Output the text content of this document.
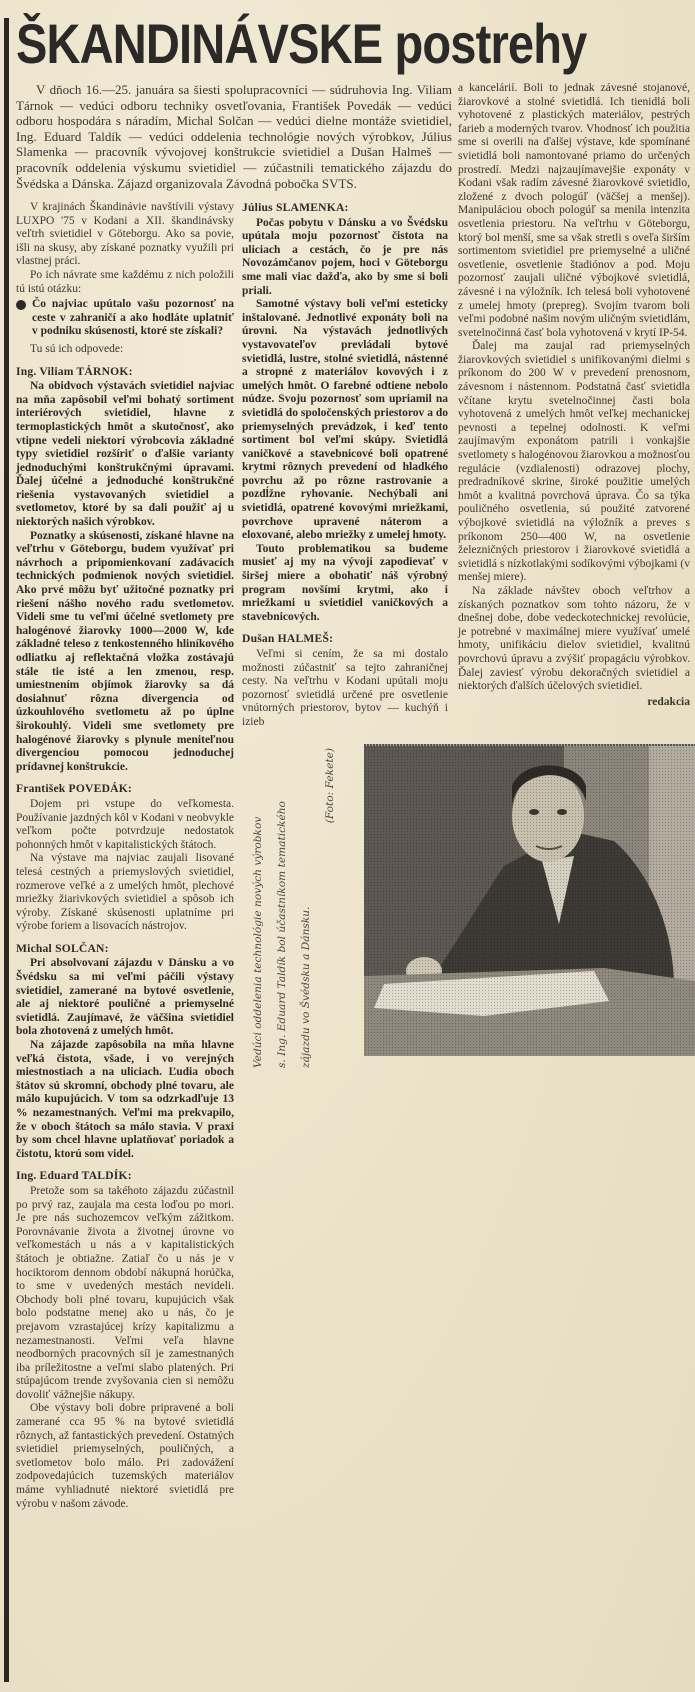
ŠKANDINÁVSKE postrehy

V dňoch 16.—25. januára sa šiesti spolupracovníci — súdruhovia Ing. Viliam Tárnok — vedúci odboru techniky osvetľovania, František Povedák — vedúci odboru hospodára s náradím, Michal Solčan — vedúci dielne montáže svietidiel, Ing. Eduard Taldík — vedúci oddelenia technológie nových výrobkov, Július Slamenka — pracovník vývojovej konštrukcie svietidiel a Dušan Halmeš — pracovník oddelenia výskumu svietidiel — zúčastnili tematického zájazdu do Švédska a Dánska. Zájazd organizovala Závodná pobočka SVTS.

V krajinách Škandinávie navštívili výstavy LUXPO '75 v Kodani a XII. škandinávsky veľtrh svietidiel v Göteborgu. Ako sa povie, išli na skusy, aby získané poznatky využili pri vlastnej práci.

Po ich návrate sme každému z nich položili tú istú otázku:

Čo najviac upútalo vašu pozornosť na ceste v zahraničí a ako hodláte uplatniť v podniku skúsenosti, ktoré ste získali?

Tu sú ich odpovede:

Ing. Viliam TÁRNOK:

Na obidvoch výstavách svietidiel najviac na mňa zapôsobil veľmi bohatý sortiment interiérových svietidiel, hlavne z termoplastických hmôt a skutočnosť, ako vtipne vedeli niektorí výrobcovia základné typy svietidiel rozšíriť o ďalšie varianty jednoduchými konštrukčnými úpravami. Ďalej účelné a jednoduché konštrukčné riešenia vystavovaných svietidiel a svetlometov, ktoré by sa dali použiť aj u niektorých našich výrobkov.

Poznatky a skúsenosti, získané hlavne na veľtrhu v Göteborgu, budem využívať pri návrhoch a pripomienkovaní zadávacích technických podmienok nových svietidiel. Ako prvé môžu byť užitočné poznatky pri riešení nášho nového radu svetlometov. Videli sme tu veľmi účelné svetlomety pre halogénové žiarovky 1000—2000 W, kde základné teleso z tenkostenného hliníkového odliatku aj reflektačná vložka zostávajú stále tie isté a len zmenou, resp. umiestnením objímok žiarovky sa dá dosiahnuť rôzna divergencia od úzkouhlového svetlometu až po úplne širokouhlý. Videli sme svetlomety pre halogénové žiarovky s plynule meniteľnou divergenciou pomocou jednoduchej prídavnej konštrukcie.

František POVEDÁK:

Dojem pri vstupe do veľkomesta. Používanie jazdných kôl v Kodani v neobvykle veľkom počte potvrdzuje nedostatok pohonných hmôt v kapitalistických štátoch.

Na výstave ma najviac zaujali lisované telesá cestných a priemyslových svietidiel, rozmerove veľké a z umelých hmôt, plechové mriežky žiarivkových svietidiel a spôsob ich výroby. Získané skúsenosti uplatníme pri výrobe foriem a lisovacích nástrojov.

Michal SOLČAN:

Pri absolvovaní zájazdu v Dánsku a vo Švédsku sa mi veľmi páčili výstavy svietidiel, zamerané na bytové osvetlenie, ale aj niektoré pouličné a priemyselné svietidlá. Zaujímavé, že väčšina svietidiel bola zhotovená z umelých hmôt.

Na zájazde zapôsobila na mňa hlavne veľká čistota, všade, i vo verejných miestnostiach a na uliciach. Ľudia oboch štátov sú skromní, obchody plné tovaru, ale málo kupujúcich. V tom sa odzrkadľuje 13 % nezamestnaných. Veľmi ma prekvapilo, že v oboch štátoch sa málo stavia. V praxi by som chcel hlavne uplatňovať poriadok a čistotu, ktorú som videl.

Ing. Eduard TALDÍK:

Pretože som sa takéhoto zájazdu zúčastnil po prvý raz, zaujala ma cesta loďou po mori. Je pre nás suchozemcov veľkým zážitkom. Porovnávanie života a životnej úrovne vo veľkomestách u nás a v kapitalistických štátoch je obtiažne. Zatiaľ čo u nás je v hociktorom dennom období nákupná horúčka, to sme v uvedených mestách nevideli. Obchody boli plné tovaru, kupujúcich však bolo podstatne menej ako u nás, čo je prejavom vzrastajúcej krízy kapitalizmu a nezamestnanosti. Veľmi veľa hlavne neodborných pracovných síl je zamestnaných iba príležitostne a veľmi slabo platených. Pri stúpajúcom trende zvyšovania cien si nemôžu dovoliť vážnejšie nákupy.

Obe výstavy boli dobre pripravené a boli zamerané cca 95 % na bytové svietidlá rôznych, až fantastických prevedení. Ostatných svietidiel priemyselných, pouličných, a svetlometov bolo málo. Pri zadovážení zodpovedajúcich tuzemských materiálov máme vyhliadnuté niektoré svietidlá pre výrobu v našom závode.

Július SLAMENKA:

Počas pobytu v Dánsku a vo Švédsku upútala moju pozornosť čistota na uliciach a cestách, čo je pre nás Novozámčanov pojem, hoci v Göteborgu sme mali viac dažďa, ako by sme si boli priali.

Samotné výstavy boli veľmi esteticky inštalované. Jednotlivé exponáty boli na úrovni. Na výstavách jednotlivých vystavovateľov prevládali bytové svietidlá, lustre, stolné svietidlá, nástenné a stropné z materiálov kovových i z umelých hmôt. O farebné odtiene nebolo núdze. Svoju pozornosť som upriamil na svietidlá do spoločenských priestorov a do priemyselných prevádzok, i keď tento sortiment bol veľmi skúpy. Svietidlá vaničkové a stavebnicové boli opatrené krytmi rôznych prevedení od hladkého povrchu až po rôzne rastrovanie a pozdĺžne ryhovanie. Nechýbali ani svietidlá, opatrené kovovými mriežkami, povrchove upravené náterom a eloxované, alebo mriežky z umelej hmoty.

Touto problematikou sa budeme musieť aj my na vývoji zapodievať v širšej miere a obohatiť náš výrobný program novšími krytmi, ako i mriežkami u svietidiel vaničkových a stavebnicových.

Dušan HALMEŠ:

Veľmi si cením, že sa mi dostalo možnosti zúčastniť sa tejto zahraničnej cesty. Na veľtrhu v Kodani upútali moju pozornosť svietidlá určené pre osvetlenie vnútorných priestorov, bytov — kuchýň i izieb

a kancelárií. Boli to jednak závesné stojanové, žiarovkové a stolné svietidlá. Ich tienidlá boli vyhotovené z plastických materiálov, pestrých farieb a moderných tvarov. Vhodnosť ich použitia sme si overili na ďalšej výstave, kde spomínané svietidlá boli namontované priamo do určených prostredí. Medzi najzaujímavejšie exponáty v Kodani však radím závesné žiarovkové svietidlo, zložené z dvoch pologúľ (väčšej a menšej). Manipuláciou oboch pologúľ sa menila intenzita osvetlenia priestoru. Na veľtrhu v Göteborgu, ktorý bol menší, sme sa však stretli s oveľa širším sortimentom svietidiel pre priemyselné a uličné osvetlenie, osvetlenie štadiónov a pod. Moju pozornosť zaujali uličné výbojkové svietidlá, závesné i na výložník. Ich telesá boli vyhotovené z umelej hmoty (prepreg). Svojím tvarom boli veľmi podobné našim novým uličným svietidlám, svetelnočinná časť bola vyhotovená v krytí IP-54.

Ďalej ma zaujal rad priemyselných žiarovkových svietidiel s unifikovanými dielmi s príkonom do 200 W v prevedení prenosnom, závesnom i nástennom. Podstatná časť svietidla včítane krytu svetelnočinnej časti bola vyhotovená z umelých hmôt veľkej mechanickej pevnosti a tepelnej odolnosti. K veľmi zaujímavým exponátom patrili i vonkajšie svetlomety s halogénovou žiarovkou a možnosťou regulácie (vzdialenosti) odrazovej plochy, predradníkové skrine, široké použitie umelých hmôt a kvalitná povrchová úprava. Čo sa týka pouličného osvetlenia, sú použité zatvorené výbojkové svietidlá na výložník a preves s príkonom 250—400 W, na osvetlenie železničných priestorov i žiarovkové svietidlá a svietidlá s nízkotlakými sodíkovými výbojkami (v menšej miere).

Na základe návštev oboch veľtrhov a získaných poznatkov som tohto názoru, že v dnešnej dobe, dobe vedeckotechnickej revolúcie, je potrebné v maximálnej miere využívať umelé hmoty, unifikáciu dielov svietidiel, kvalitnú povrchovú úpravu a zvýšiť propagáciu výrobkov. Ďalej zaviesť výrobu dekoračných svietidiel a niektorých ďalších účelových svietidiel.

redakcia
Vedúci oddelenia technológie nových výrobkov	s. Ing. Eduard Taldík bol účastníkom tematického	zájazdu vo Švédsku a Dánsku.
(Foto: Fekete)
